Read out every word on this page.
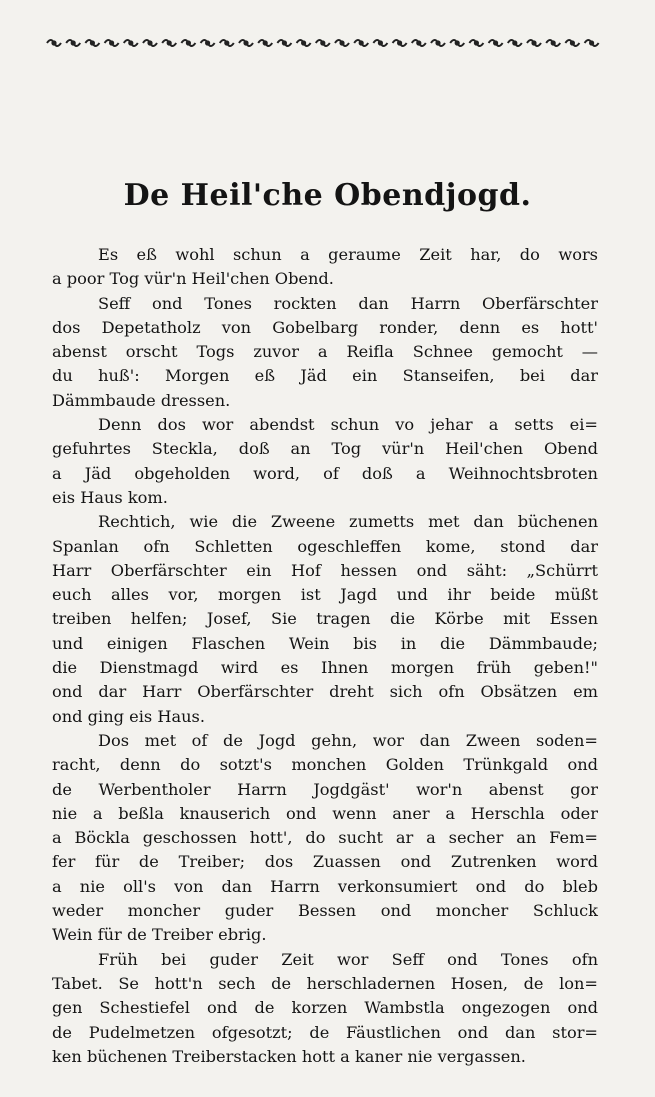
De Heil'che Obendjogd.
Es eß wohl schun a geraume Zeit har, do wors
a poor Tog vür'n Heil'chen Obend.
Seff ond Tones rockten dan Harrn Oberfärschter
dos Depetatholz von Gobelbarg ronder, denn es hott'
abenst orscht Togs zuvor a Reifla Schnee gemocht —
du huß': Morgen eß Jäd ein Stanseifen, bei dar
Dämmbaude dressen.
Denn dos wor abendst schun vo jehar a setts ei=
gefuhrtes Steckla, doß an Tog vür'n Heil'chen Obend
a Jäd obgeholden word, of doß a Weihnochtsbroten
eis Haus kom.
Rechtich, wie die Zweene zumetts met dan büchenen
Spanlan ofn Schletten ogeschleffen kome, stond dar
Harr Oberfärschter ein Hof hessen ond säht: „Schürrt
euch alles vor, morgen ist Jagd und ihr beide müßt
treiben helfen; Josef, Sie tragen die Körbe mit Essen
und einigen Flaschen Wein bis in die Dämmbaude;
die Dienstmagd wird es Ihnen morgen früh geben!"
ond dar Harr Oberfärschter dreht sich ofn Obsätzen em
ond ging eis Haus.
Dos met of de Jogd gehn, wor dan Zween soden=
racht, denn do sotzt's monchen Golden Trünkgald ond
de Werbentholer Harrn Jogdgäst' wor'n abenst gor
nie a beßla knauserich ond wenn aner a Herschla oder
a Böckla geschossen hott', do sucht ar a secher an Fem=
fer für de Treiber; dos Zuassen ond Zutrenken word
a nie oll's von dan Harrn verkonsumiert ond do bleb
weder moncher guder Bessen ond moncher Schluck
Wein für de Treiber ebrig.
Früh bei guder Zeit wor Seff ond Tones ofn
Tabet. Se hott'n sech de herschladernen Hosen, de lon=
gen Schestiefel ond de korzen Wambstla ongezogen ond
de Pudelmetzen ofgesotzt; de Fäustlichen ond dan stor=
ken büchenen Treiberstacken hott a kaner nie vergassen.
